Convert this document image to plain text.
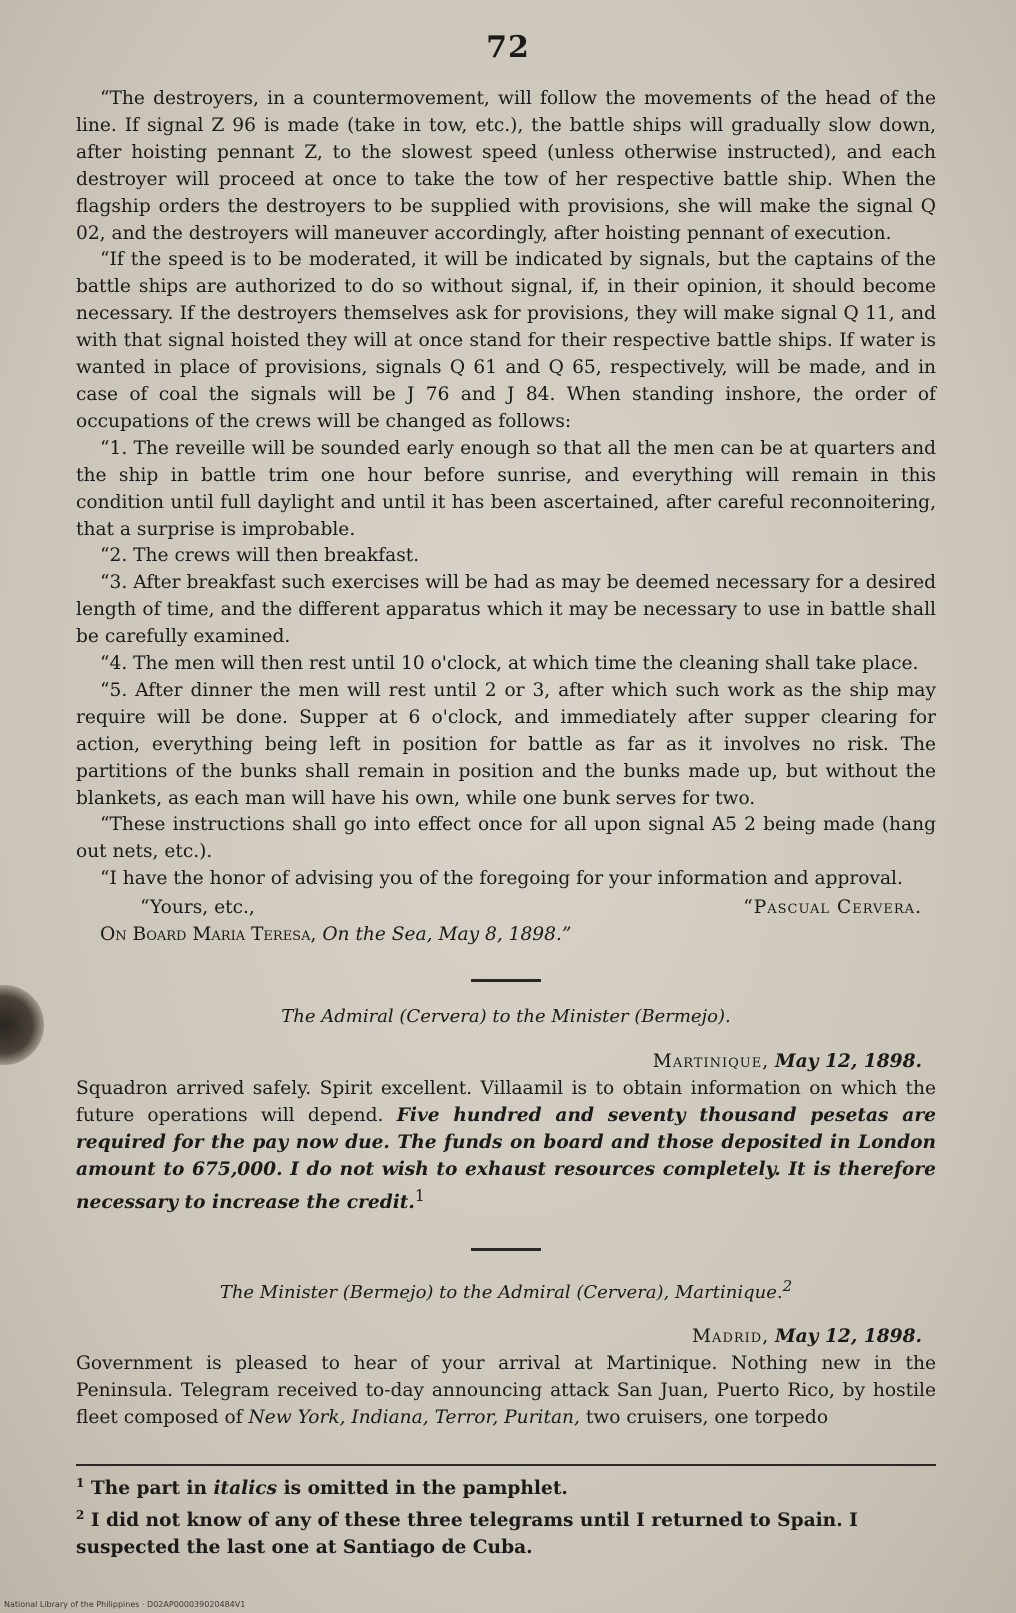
72

“The destroyers, in a countermovement, will follow the movements of the head of the line. If signal Z 96 is made (take in tow, etc.), the battle ships will gradually slow down, after hoisting pennant Z, to the slowest speed (unless otherwise instructed), and each destroyer will proceed at once to take the tow of her respective battle ship. When the flagship orders the destroyers to be supplied with provisions, she will make the signal Q 02, and the destroyers will maneuver accordingly, after hoisting pennant of execution.

“If the speed is to be moderated, it will be indicated by signals, but the captains of the battle ships are authorized to do so without signal, if, in their opinion, it should become necessary. If the destroyers themselves ask for provisions, they will make signal Q 11, and with that signal hoisted they will at once stand for their respective battle ships. If water is wanted in place of provisions, signals Q 61 and Q 65, respectively, will be made, and in case of coal the signals will be J 76 and J 84. When standing inshore, the order of occupations of the crews will be changed as follows:

“1. The reveille will be sounded early enough so that all the men can be at quarters and the ship in battle trim one hour before sunrise, and everything will remain in this condition until full daylight and until it has been ascertained, after careful reconnoitering, that a surprise is improbable.

“2. The crews will then breakfast.

“3. After breakfast such exercises will be had as may be deemed necessary for a desired length of time, and the different apparatus which it may be necessary to use in battle shall be carefully examined.

“4. The men will then rest until 10 o'clock, at which time the cleaning shall take place.

“5. After dinner the men will rest until 2 or 3, after which such work as the ship may require will be done. Supper at 6 o'clock, and immediately after supper clearing for action, everything being left in position for battle as far as it involves no risk. The partitions of the bunks shall remain in position and the bunks made up, but without the blankets, as each man will have his own, while one bunk serves for two.

“These instructions shall go into effect once for all upon signal A5 2 being made (hang out nets, etc.).

“I have the honor of advising you of the foregoing for your information and approval.

“Yours, etc.,	“Pascual Cervera.
On Board Maria Teresa, On the Sea, May 8, 1898.”
The Admiral (Cervera) to the Minister (Bermejo).
Martinique, May 12, 1898.

Squadron arrived safely. Spirit excellent. Villaamil is to obtain information on which the future operations will depend. Five hundred and seventy thousand pesetas are required for the pay now due. The funds on board and those deposited in London amount to 675,000. I do not wish to exhaust resources completely. It is therefore necessary to increase the credit.$^1$

The Minister (Bermejo) to the Admiral (Cervera), Martinique.$^2$
Madrid, May 12, 1898.

Government is pleased to hear of your arrival at Martinique. Nothing new in the Peninsula. Telegram received to-day announcing attack San Juan, Puerto Rico, by hostile fleet composed of New York, Indiana, Terror, Puritan, two cruisers, one torpedo

$^1$ The part in italics is omitted in the pamphlet.

$^2$ I did not know of any of these three telegrams until I returned to Spain. I suspected the last one at Santiago de Cuba.

National Library of the Philippines · D02AP000039020484V1
